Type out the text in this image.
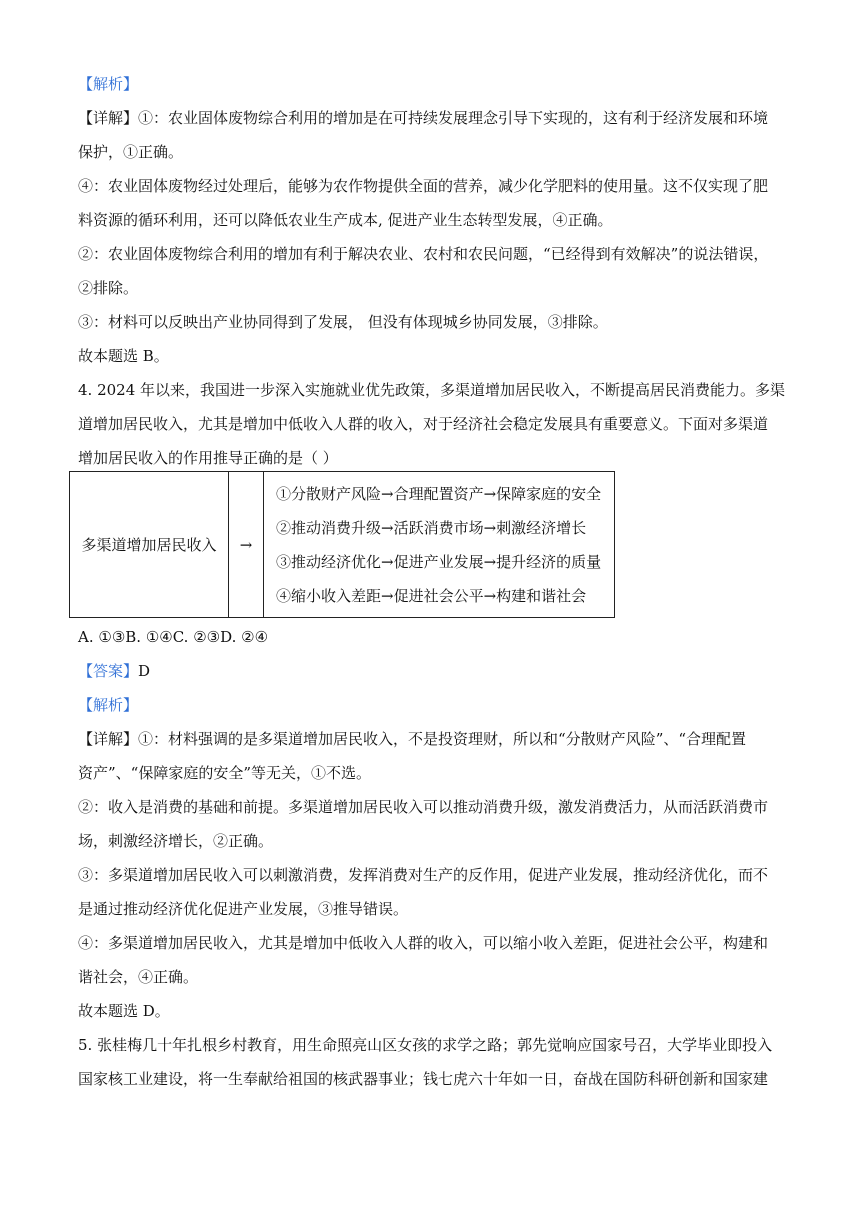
【解析】
【详解】①：农业固体废物综合利用的增加是在可持续发展理念引导下实现的，这有利于经济发展和环境
保护，①正确。
④：农业固体废物经过处理后，能够为农作物提供全面的营养，减少化学肥料的使用量。这不仅实现了肥
料资源的循环利用，还可以降低农业生产成本, 促进产业生态转型发展，④正确。
②：农业固体废物综合利用的增加有利于解决农业、农村和农民问题，“已经得到有效解决”的说法错误，
②排除。
③：材料可以反映出产业协同得到了发展， 但没有体现城乡协同发展，③排除。
故本题选 B。
4. 2024 年以来，我国进一步深入实施就业优先政策，多渠道增加居民收入，不断提高居民消费能力。多渠
道增加居民收入，尤其是增加中低收入人群的收入，对于经济社会稳定发展具有重要意义。下面对多渠道
增加居民收入的作用推导正确的是（ ）
多渠道增加居民收入	→	
①分散财产风险→合理配置资产→保障家庭的安全
②推动消费升级→活跃消费市场→刺激经济增长
③推动经济优化→促进产业发展→提升经济的质量
④缩小收入差距→促进社会公平→构建和谐社会
A. ①③B. ①④C. ②③D. ②④
【答案】D
【解析】
【详解】①：材料强调的是多渠道增加居民收入，不是投资理财，所以和“分散财产风险”、“合理配置
资产”、“保障家庭的安全”等无关，①不选。
②：收入是消费的基础和前提。多渠道增加居民收入可以推动消费升级，激发消费活力，从而活跃消费市
场，刺激经济增长，②正确。
③：多渠道增加居民收入可以刺激消费，发挥消费对生产的反作用，促进产业发展，推动经济优化，而不
是通过推动经济优化促进产业发展，③推导错误。
④：多渠道增加居民收入，尤其是增加中低收入人群的收入，可以缩小收入差距，促进社会公平，构建和
谐社会，④正确。
故本题选 D。
5. 张桂梅几十年扎根乡村教育，用生命照亮山区女孩的求学之路；郭先觉响应国家号召，大学毕业即投入
国家核工业建设，将一生奉献给祖国的核武器事业；钱七虎六十年如一日，奋战在国防科研创新和国家建
